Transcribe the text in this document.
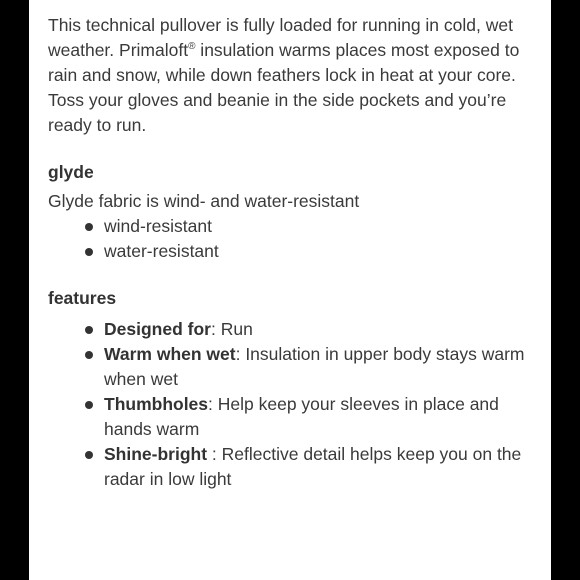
This technical pullover is fully loaded for running in cold, wet weather. Primaloft® insulation warms places most exposed to rain and snow, while down feathers lock in heat at your core. Toss your gloves and beanie in the side pockets and you’re ready to run.

glyde

Glyde fabric is wind- and water-resistant

wind-resistant
water-resistant

features

Designed for: Run
Warm when wet: Insulation in upper body stays warm when wet
Thumbholes: Help keep your sleeves in place and hands warm
Shine-bright : Reflective detail helps keep you on the radar in low light
